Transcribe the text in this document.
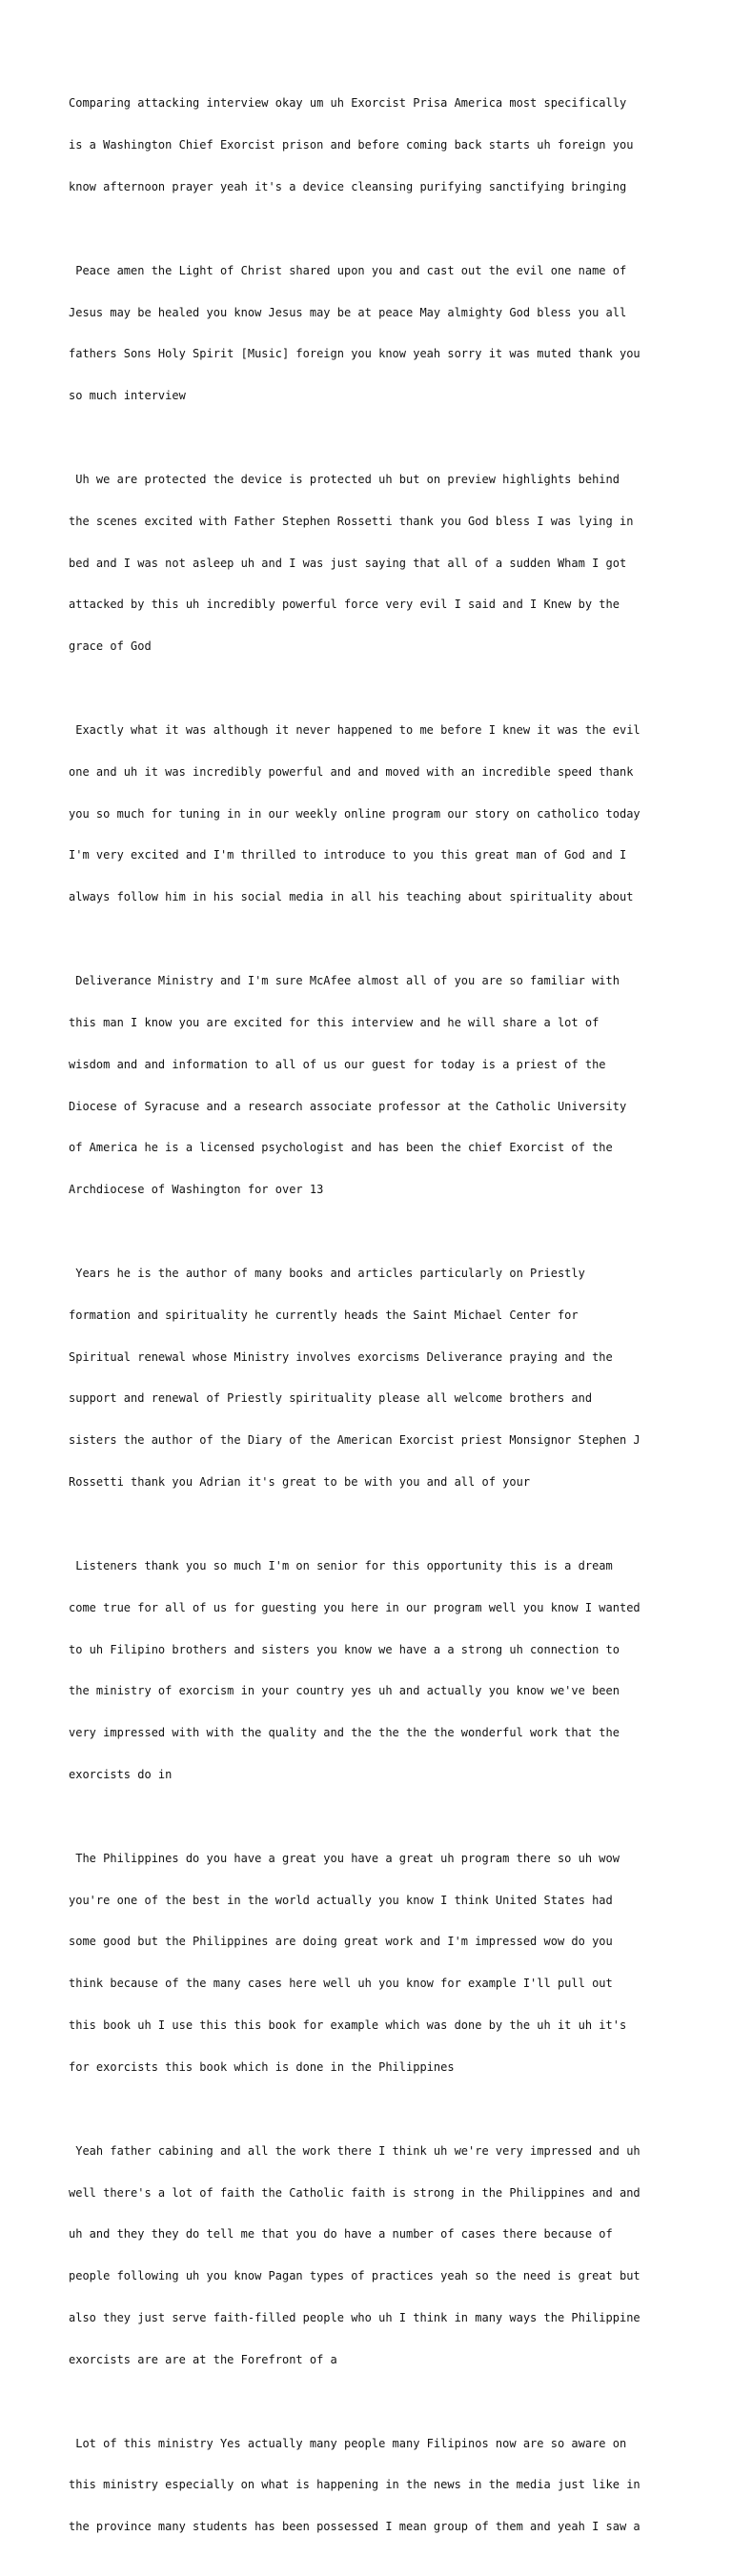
Comparing attacking interview okay um uh Exorcist Prisa America most specifically

is a Washington Chief Exorcist prison and before coming back starts uh foreign you

know afternoon prayer yeah it's a device cleansing purifying sanctifying bringing

Peace amen the Light of Christ shared upon you and cast out the evil one name of

Jesus may be healed you know Jesus may be at peace May almighty God bless you all

fathers Sons Holy Spirit [Music] foreign you know yeah sorry it was muted thank you

so much interview

Uh we are protected the device is protected uh but on preview highlights behind

the scenes excited with Father Stephen Rossetti thank you God bless I was lying in

bed and I was not asleep uh and I was just saying that all of a sudden Wham I got

attacked by this uh incredibly powerful force very evil I said and I Knew by the

grace of God

Exactly what it was although it never happened to me before I knew it was the evil

one and uh it was incredibly powerful and and moved with an incredible speed thank

you so much for tuning in in our weekly online program our story on catholico today

I'm very excited and I'm thrilled to introduce to you this great man of God and I

always follow him in his social media in all his teaching about spirituality about

Deliverance Ministry and I'm sure McAfee almost all of you are so familiar with

this man I know you are excited for this interview and he will share a lot of

wisdom and and information to all of us our guest for today is a priest of the

Diocese of Syracuse and a research associate professor at the Catholic University

of America he is a licensed psychologist and has been the chief Exorcist of the

Archdiocese of Washington for over 13

Years he is the author of many books and articles particularly on Priestly

formation and spirituality he currently heads the Saint Michael Center for

Spiritual renewal whose Ministry involves exorcisms Deliverance praying and the

support and renewal of Priestly spirituality please all welcome brothers and

sisters the author of the Diary of the American Exorcist priest Monsignor Stephen J

Rossetti thank you Adrian it's great to be with you and all of your

Listeners thank you so much I'm on senior for this opportunity this is a dream

come true for all of us for guesting you here in our program well you know I wanted

to uh Filipino brothers and sisters you know we have a a strong uh connection to

the ministry of exorcism in your country yes uh and actually you know we've been

very impressed with with the quality and the the the the wonderful work that the

exorcists do in

The Philippines do you have a great you have a great uh program there so uh wow

you're one of the best in the world actually you know I think United States had

some good but the Philippines are doing great work and I'm impressed wow do you

think because of the many cases here well uh you know for example I'll pull out

this book uh I use this this book for example which was done by the uh it uh it's

for exorcists this book which is done in the Philippines

Yeah father cabining and all the work there I think uh we're very impressed and uh

well there's a lot of faith the Catholic faith is strong in the Philippines and and

uh and they they do tell me that you do have a number of cases there because of

people following uh you know Pagan types of practices yeah so the need is great but

also they just serve faith-filled people who uh I think in many ways the Philippine

exorcists are are at the Forefront of a

Lot of this ministry Yes actually many people many Filipinos now are so aware on

this ministry especially on what is happening in the news in the media just like in

the province many students has been possessed I mean group of them and yeah I saw a
